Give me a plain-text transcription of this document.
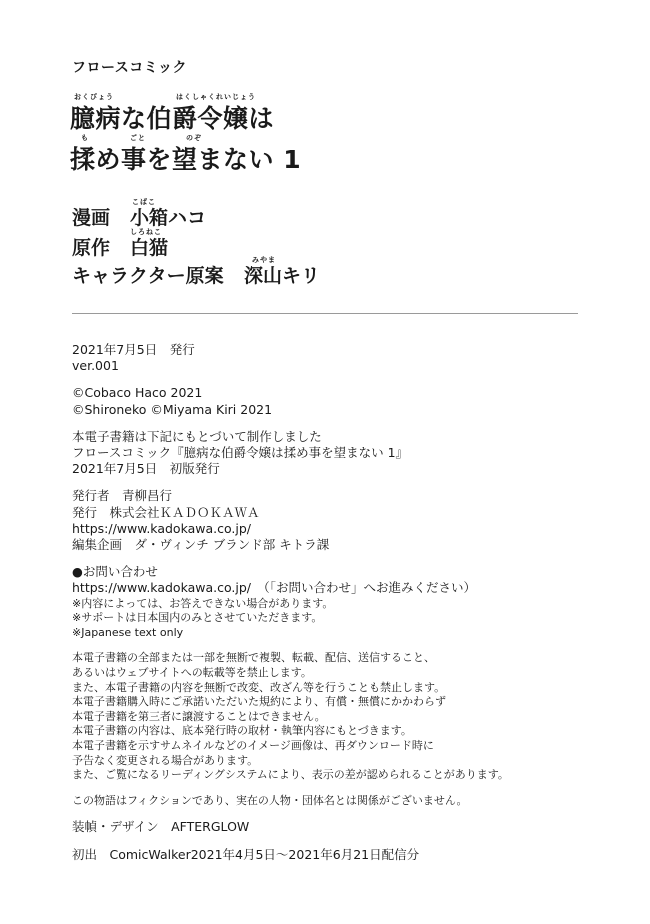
フロースコミック
おくびょう	はくしゃくれいじょう
臆病な伯爵令嬢は
も	ごと	のぞ
揉め事を望まない 1
こばこ
漫画 小箱ハコ
しろねこ
原作 白猫
みやま
キャラクター原案 深山キリ
2021年7月5日　発行
ver.001
©Cobaco Haco 2021
©Shironeko ©Miyama Kiri 2021
本電子書籍は下記にもとづいて制作しました
フロースコミック『臆病な伯爵令嬢は揉め事を望まない 1』
2021年7月5日　初版発行
発行者　青柳昌行
発行　株式会社ＫＡＤＯＫＡＷＡ
https://www.kadokawa.co.jp/
編集企画　ダ・ヴィンチ ブランド部 キトラ課
●お問い合わせ
https://www.kadokawa.co.jp/　（「お問い合わせ」へお進みください）
※内容によっては、お答えできない場合があります。
※サポートは日本国内のみとさせていただきます。
※Japanese text only
本電子書籍の全部または一部を無断で複製、転載、配信、送信すること、
あるいはウェブサイトへの転載等を禁止します。
また、本電子書籍の内容を無断で改変、改ざん等を行うことも禁止します。
本電子書籍購入時にご承諾いただいた規約により、有償・無償にかかわらず
本電子書籍を第三者に譲渡することはできません。
本電子書籍の内容は、底本発行時の取材・執筆内容にもとづきます。
本電子書籍を示すサムネイルなどのイメージ画像は、再ダウンロード時に
予告なく変更される場合があります。
また、ご覧になるリーディングシステムにより、表示の差が認められることがあります。
この物語はフィクションであり、実在の人物・団体名とは関係がございません。
装幀・デザイン　AFTERGLOW
初出　ComicWalker2021年4月5日〜2021年6月21日配信分
